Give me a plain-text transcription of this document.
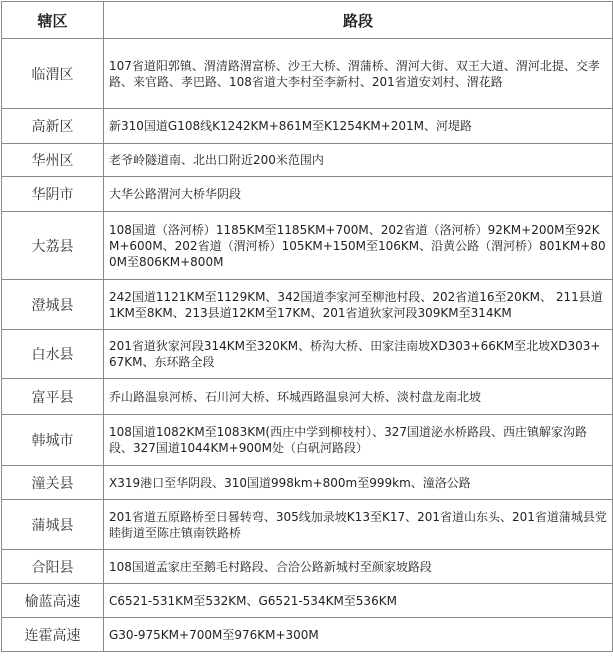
辖区	路段
临渭区	107省道阳郭镇、渭清路渭富桥、沙王大桥、渭蒲桥、渭河大街、双王大道、渭河北提、交孝路、来官路、孝巴路、108省道大李村至李新村、201省道安刘村、渭花路
高新区	新310国道G108线K1242KM+861M至K1254KM+201M、河堤路
华州区	老爷岭隧道南、北出口附近200米范围内
华阴市	大华公路渭河大桥华阴段
大荔县	108国道（洛河桥）1185KM至1185KM+700M、202省道（洛河桥）92KM+200M至92KM+600M、202省道（渭河桥）105KM+150M至106KM、沿黄公路（渭河桥）801KM+800M至806KM+800M
澄城县	242国道1121KM至1129KM、342国道李家河至柳池村段、202省道16至20KM、 211县道1KM至8KM、213县道12KM至17KM、201省道狄家河段309KM至314KM
白水县	201省道狄家河段314KM至320KM、桥沟大桥、田家洼南坡XD303+66KM至北坡XD303+67KM、东环路全段
富平县	乔山路温泉河桥、石川河大桥、环城西路温泉河大桥、淡村盘龙南北坡
韩城市	108国道1082KM至1083KM(西庄中学到柳枝村）、327国道泌水桥路段、西庄镇解家沟路段、327国道1044KM+900M处（白矾河路段）
潼关县	X319港口至华阴段、310国道998km+800m至999km、潼洛公路
蒲城县	201省道五原路桥至日晷转弯、305线加录坡K13至K17、201省道山东头、201省道蒲城县党睦街道至陈庄镇南铁路桥
合阳县	108国道孟家庄至鹅毛村路段、合洽公路新城村至颜家坡路段
榆蓝高速	C6521-531KM至532KM、G6521-534KM至536KM
连霍高速	G30-975KM+700M至976KM+300M
